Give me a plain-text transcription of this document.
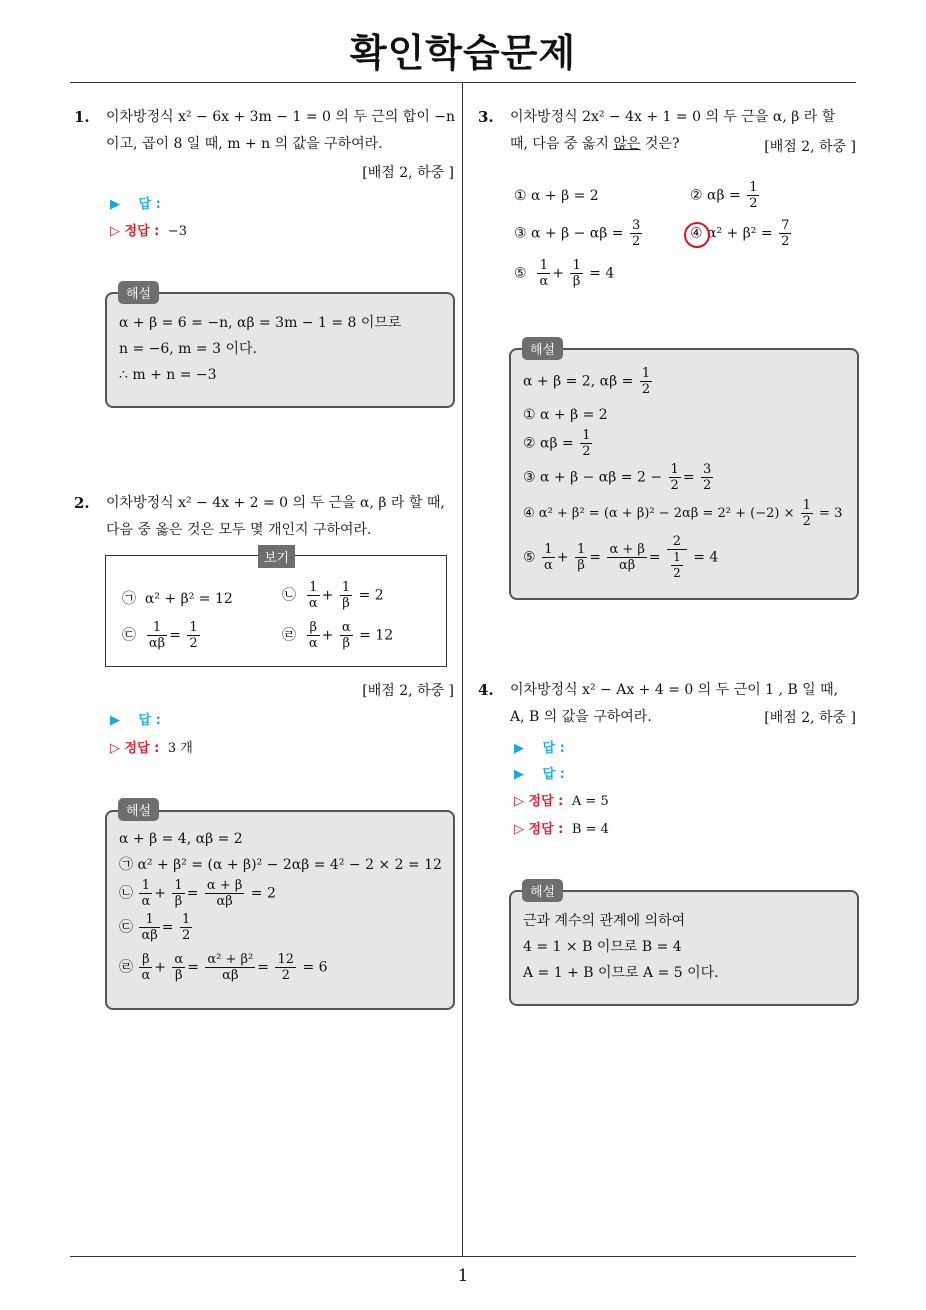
확인학습문제
1
1. 이차방정식 x² − 6x + 3m − 1 = 0 의 두 근의 합이 −n
이고, 곱이 8 일 때, m + n 의 값을 구하여라.
[배점 2, 하중 ]
▶ 답 :
▷ 정답 : −3
α + β = 6 = −n, αβ = 3m − 1 = 8 이므로
n = −6, m = 3 이다.
∴ m + n = −3
해설
2. 이차방정식 x² − 4x + 2 = 0 의 두 근을 α, β 라 할 때,
다음 중 옳은 것은 모두 몇 개인지 구하여라.
㉠ α² + β² = 12	㉡ $\frac{1}{\alpha} + \frac{1}{\beta} = 2$
㉢ $\frac{1}{\alpha\beta} = \frac{1}{2}$	㉣ $\frac{\beta}{\alpha} + \frac{\alpha}{\beta} = 12$
보기
[배점 2, 하중 ]
▶ 답 :
▷ 정답 : 3 개
α + β = 4, αβ = 2
㉠ α² + β² = (α + β)² − 2αβ = 4² − 2 × 2 = 12
㉡ $\frac{1}{\alpha} + \frac{1}{\beta} = \frac{\alpha + \beta}{\alpha\beta} = 2$
㉢ $\frac{1}{\alpha\beta} = \frac{1}{2}$
㉣ $\frac{\beta}{\alpha} + \frac{\alpha}{\beta} = \frac{\text{α² + β²}}{\alpha\beta} = \frac{12}{2} = 6$
해설
3. 이차방정식 2x² − 4x + 1 = 0 의 두 근을 α, β 라 할
때, 다음 중 옳지 않은 것은?	[배점 2, 하중 ]
① α + β = 2	② $\alpha\beta = \frac{1}{2}$
③ $\alpha + \beta - \alpha\beta = \frac{3}{2}$	④ $\alpha^2 + \beta^2 = \frac{7}{2}$
⑤ $\frac{1}{\alpha} + \frac{1}{\beta} = 4$
α + β = 2, $\alpha\beta = \frac{1}{2}$
① α + β = 2
② $\alpha\beta = \frac{1}{2}$
③ $\alpha + \beta - \alpha\beta = 2 - \frac{1}{2} = \frac{3}{2}$
④ $\alpha^2 + \beta^2 = (\alpha + \beta)^2 - 2\alpha\beta = 2^2 + (-2) \times \frac{1}{2} = 3$
⑤ $\frac{1}{\alpha} + \frac{1}{\beta} = \frac{\alpha + \beta}{\alpha\beta} = \frac{2}{\frac{1}{2}} = 4$
해설
4. 이차방정식 x² − Ax + 4 = 0 의 두 근이 1 , B 일 때,
A, B 의 값을 구하여라.	[배점 2, 하중 ]
▶ 답 :
▶ 답 :
▷ 정답 : A = 5
▷ 정답 : B = 4
근과 계수의 관계에 의하여
4 = 1 × B 이므로 B = 4
A = 1 + B 이므로 A = 5 이다.
해설
